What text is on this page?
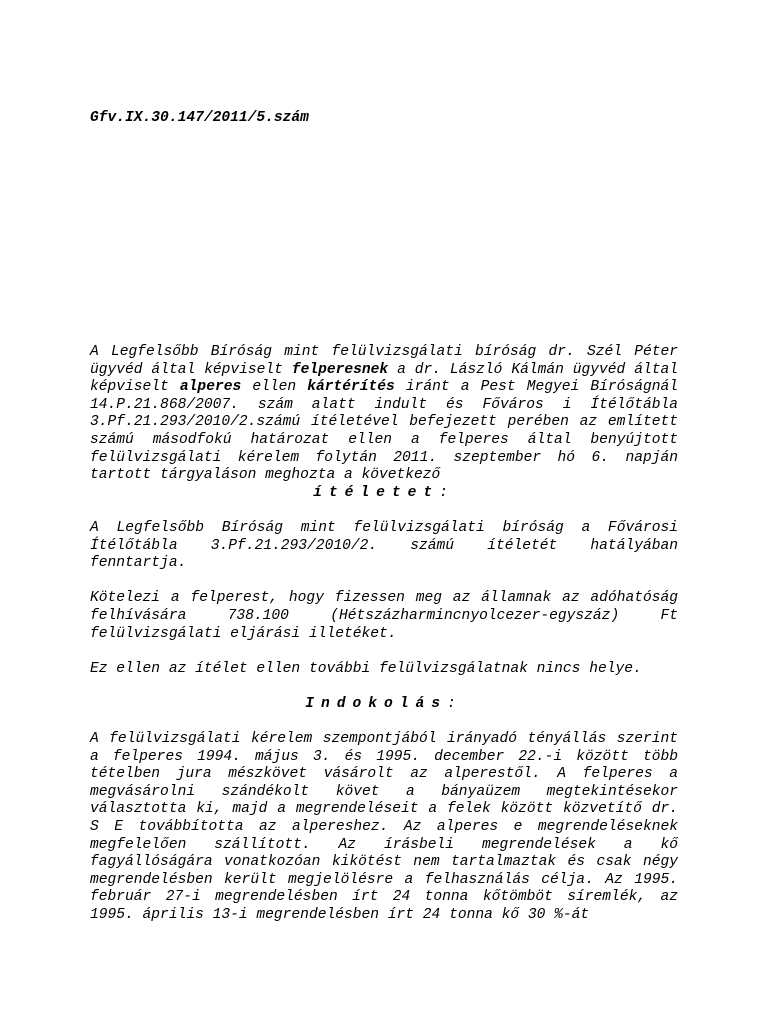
Gfv.IX.30.147/2011/5.szám

A Legfelsőbb Bíróság mint felülvizsgálati bíróság dr. Szél Péter ügyvéd által képviselt felperesnek a dr. László Kálmán ügyvéd által képviselt alperes ellen kártérítés iránt a Pest Megyei Bíróságnál 14.P.21.868/2007. szám alatt indult és Főváros i Ítélőtábla 3.Pf.21.293/2010/2.számú ítéletével befejezett perében az említett számú másodfokú határozat ellen a felperes által benyújtott felülvizsgálati kérelem folytán 2011. szeptember hó 6. napján tartott tárgyaláson meghozta a következő

ítéletet:

A Legfelsőbb Bíróság mint felülvizsgálati bíróság a Fővárosi Ítélőtábla 3.Pf.21.293/2010/2. számú ítéletét hatályában fenntartja.

Kötelezi a felperest, hogy fizessen meg az államnak az adóhatóság felhívására 738.100 (Hétszázharmincnyolcezer-egyszáz) Ft felülvizsgálati eljárási illetéket.

Ez ellen az ítélet ellen további felülvizsgálatnak nincs helye.

Indokolás:

A felülvizsgálati kérelem szempontjából irányadó tényállás szerint a felperes 1994. május 3. és 1995. december 22.-i között több tételben jura mészkövet vásárolt az alperestől. A felperes a megvásárolni szándékolt követ a bányaüzem megtekintésekor választotta ki, majd a megrendeléseit a felek között közvetítő dr. S E továbbította az alpereshez. Az alperes e megrendeléseknek megfelelően szállított. Az írásbeli megrendelések a kő fagyállóságára vonatkozóan kikötést nem tartalmaztak és csak négy megrendelésben került megjelölésre a felhasználás célja. Az 1995. február 27-i megrendelésben írt 24 tonna kőtömböt síremlék, az 1995. április 13-i megrendelésben írt 24 tonna kő 30 %-át
